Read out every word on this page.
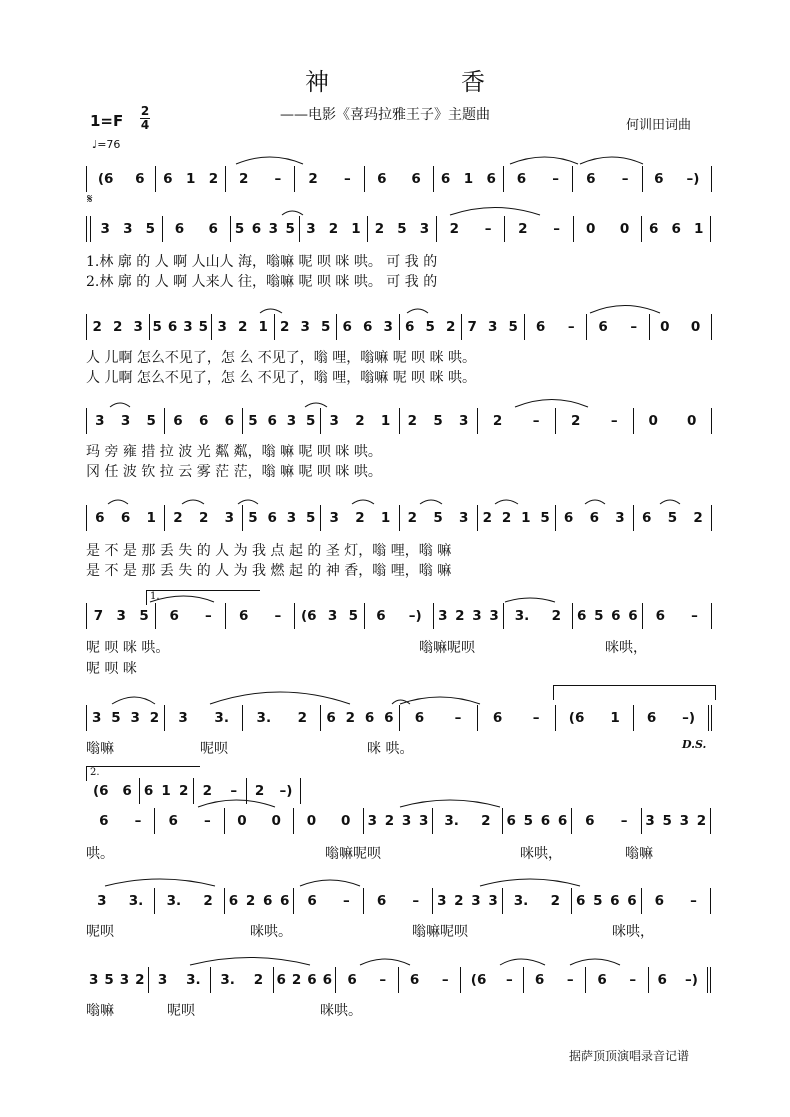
神香
——电影《喜玛拉雅王子》主题曲
何训田词曲
1=F
2
4
♩=76
𝄋
(6 6 6 1 2 2 – 2 – 6 6 6 1 6 6 – 6 – 6 –)
3 3 5 6 6 5 6 3 5 3 2 1 2 5 3 2 – 2 – 0 0 6 6 1
1.林 廓 的 人 啊 人山人 海，嗡嘛 呢 呗 咪 哄。 可 我 的
2.林 廓 的 人 啊 人来人 往，嗡嘛 呢 呗 咪 哄。 可 我 的
2 2 3 5 6 3 5 3 2 1 2 3 5 6 6 3 6 5 2 7 3 5 6 – 6 – 0 0
人 儿啊 怎么不见了，怎 么 不见了，嗡 哩，嗡嘛 呢 呗 咪 哄。
人 儿啊 怎么不见了，怎 么 不见了，嗡 哩，嗡嘛 呢 呗 咪 哄。
3 3 5 6 6 6 5 6 3 5 3 2 1 2 5 3 2 – 2 – 0 0
玛 旁 雍 措 拉 波 光 粼 粼，嗡 嘛 呢 呗 咪 哄。
冈 任 波 钦 拉 云 雾 茫 茫，嗡 嘛 呢 呗 咪 哄。
6 6 1 2 2 3 5 6 3 5 3 2 1 2 5 3 2 2 1 5 6 6 3 6 5 2
是 不 是 那 丢 失 的 人 为 我 点 起 的 圣 灯，嗡 哩，嗡 嘛
是 不 是 那 丢 失 的 人 为 我 燃 起 的 神 香，嗡 哩，嗡 嘛
1.
7 3 5 6 – 6 – (6 3 5 6 –) 3 2 3 3 3. 2 6 5 6 6 6 –
呢 呗 咪 哄。	嗡嘛呢呗	咪哄，
呢 呗 咪
3 5 3 2 3 3. 3. 2 6 2 6 6 6 – 6 – (6 1 6 –)
嗡嘛	呢呗	咪 哄。	D.S.
2.
(6 6 6 1 2 2 – 2 –)
6 – 6 – 0 0 0 0 3 2 3 3 3. 2 6 5 6 6 6 – 3 5 3 2
哄。	嗡嘛呢呗	咪哄，	嗡嘛
3 3. 3. 2 6 2 6 6 6 – 6 – 3 2 3 3 3. 2 6 5 6 6 6 –
呢呗	咪哄。	嗡嘛呢呗	咪哄，
3 5 3 2 3 3. 3. 2 6 2 6 6 6 – 6 – (6 – 6 – 6 – 6 –)
嗡嘛	呢呗	咪哄。
据萨顶顶演唱录音记谱
